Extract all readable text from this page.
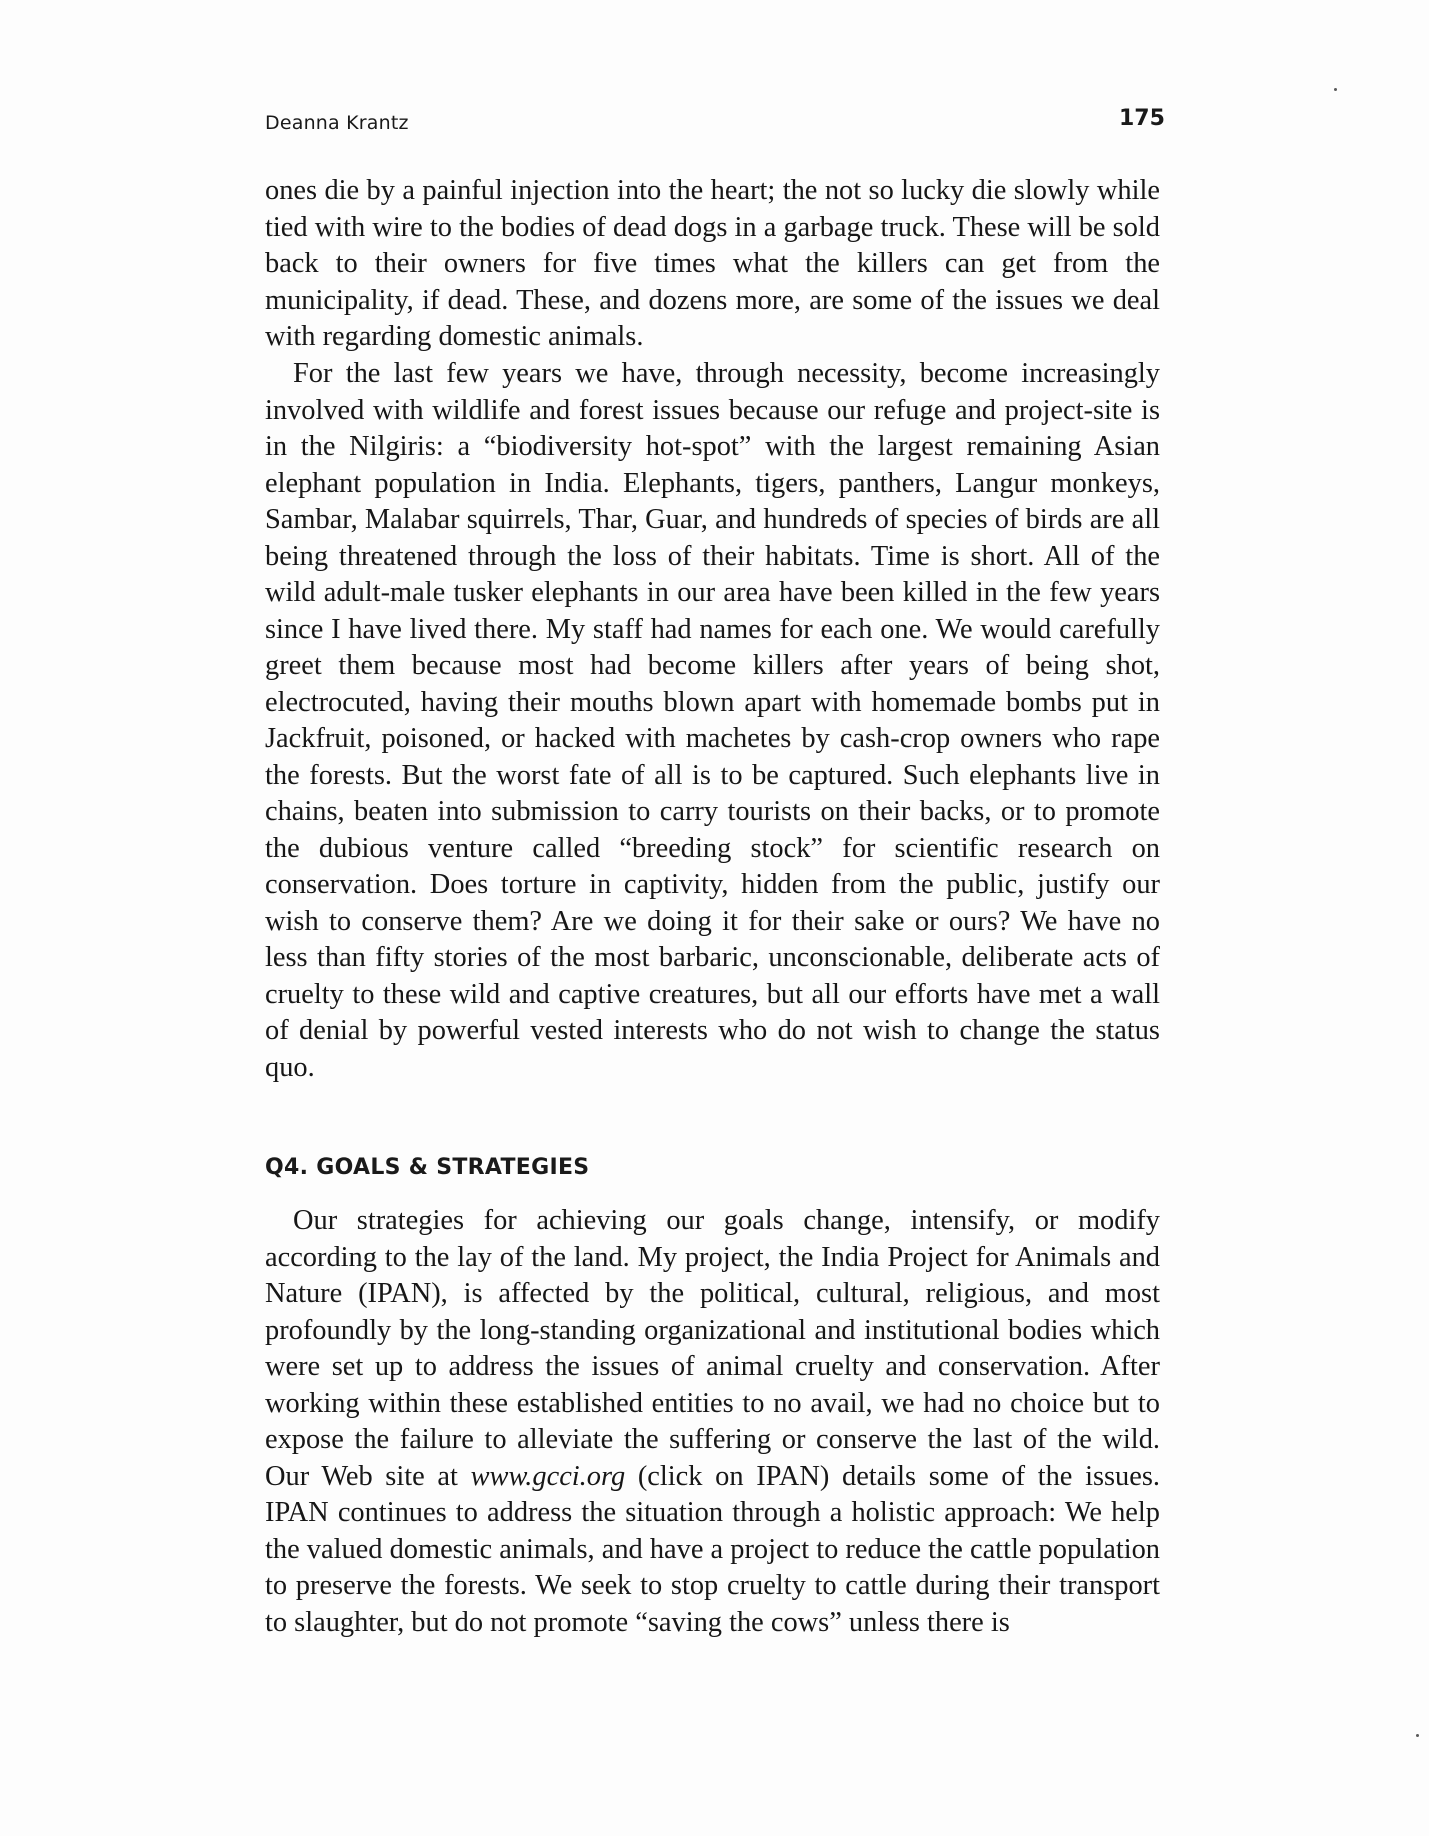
Deanna Krantz	175

ones die by a painful injection into the heart; the not so lucky die slowly while tied with wire to the bodies of dead dogs in a garbage truck. These will be sold back to their owners for five times what the killers can get from the municipality, if dead. These, and dozens more, are some of the issues we deal with regarding domestic animals.

For the last few years we have, through necessity, become increasingly involved with wildlife and forest issues because our refuge and project-site is in the Nilgiris: a “biodiversity hot-spot” with the largest remaining Asian elephant population in India. Elephants, tigers, panthers, Langur monkeys, Sambar, Malabar squirrels, Thar, Guar, and hundreds of species of birds are all being threatened through the loss of their habitats. Time is short. All of the wild adult-male tusker elephants in our area have been killed in the few years since I have lived there. My staff had names for each one. We would carefully greet them because most had become killers after years of being shot, electrocuted, having their mouths blown apart with homemade bombs put in Jackfruit, poisoned, or hacked with machetes by cash-crop owners who rape the forests. But the worst fate of all is to be captured. Such elephants live in chains, beaten into submission to carry tourists on their backs, or to promote the dubious venture called “breeding stock” for scientific research on conservation. Does torture in captivity, hidden from the public, justify our wish to conserve them? Are we doing it for their sake or ours? We have no less than fifty stories of the most barbaric, unconscionable, deliberate acts of cruelty to these wild and captive creatures, but all our efforts have met a wall of denial by powerful vested interests who do not wish to change the status quo.

Q4. GOALS & STRATEGIES

Our strategies for achieving our goals change, intensify, or modify according to the lay of the land. My project, the India Project for Animals and Nature (IPAN), is affected by the political, cultural, religious, and most profoundly by the long-standing organizational and institutional bodies which were set up to address the issues of animal cruelty and conservation. After working within these established entities to no avail, we had no choice but to expose the failure to alleviate the suffering or conserve the last of the wild. Our Web site at www.gcci.org (click on IPAN) details some of the issues. IPAN continues to address the situation through a holistic approach: We help the valued domestic animals, and have a project to reduce the cattle population to preserve the forests. We seek to stop cruelty to cattle during their transport to slaughter, but do not promote “saving the cows” unless there is
